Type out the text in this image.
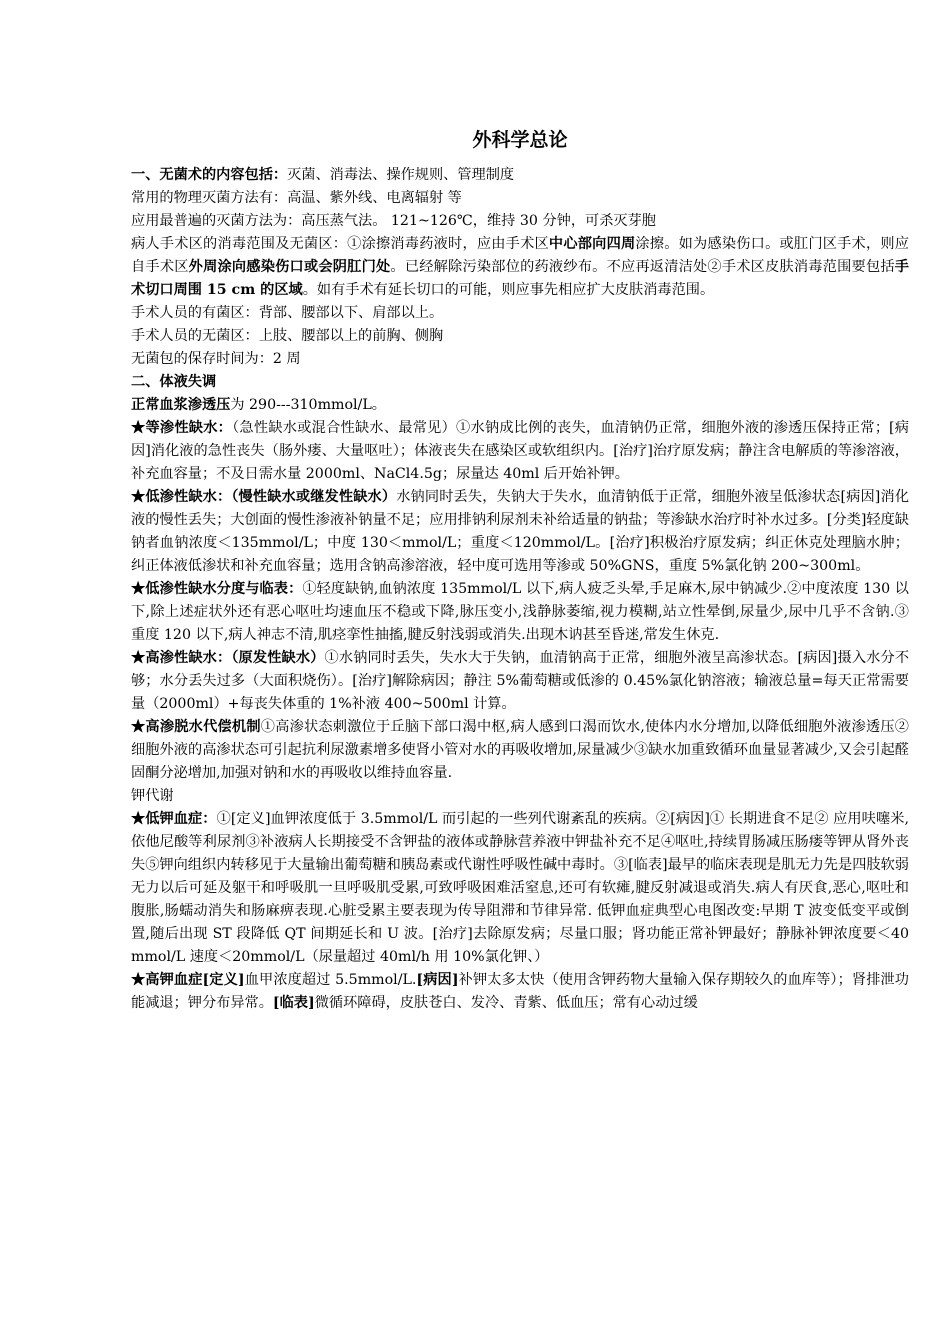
外科学总论

一、无菌术的内容包括：灭菌、消毒法、操作规则、管理制度

常用的物理灭菌方法有：高温、紫外线、电离辐射 等

应用最普遍的灭菌方法为：高压蒸气法。 121~126℃，维持 30 分钟，可杀灭芽胞

病人手术区的消毒范围及无菌区：①涂擦消毒药液时，应由手术区中心部向四周涂擦。如为感染伤口。或肛门区手术，则应自手术区外周涂向感染伤口或会阴肛门处。已经解除污染部位的药液纱布。不应再返清洁处②手术区皮肤消毒范围要包括手术切口周围 15 cm 的区域。如有手术有延长切口的可能，则应事先相应扩大皮肤消毒范围。

手术人员的有菌区：背部、腰部以下、肩部以上。

手术人员的无菌区：上肢、腰部以上的前胸、侧胸

无菌包的保存时间为：2 周

二、体液失调

正常血浆渗透压为 290---310mmol/L。

★等渗性缺水：（急性缺水或混合性缺水、最常见）①水钠成比例的丧失，血清钠仍正常，细胞外液的渗透压保持正常；[病因]消化液的急性丧失（肠外瘘、大量呕吐）；体液丧失在感染区或软组织内。[治疗]治疗原发病；静注含电解质的等渗溶液，补充血容量；不及日需水量 2000ml、NaCl4.5g；尿量达 40ml 后开始补钾。

★低渗性缺水：（慢性缺水或继发性缺水）水钠同时丢失，失钠大于失水，血清钠低于正常，细胞外液呈低渗状态[病因]消化液的慢性丢失；大创面的慢性渗液补钠量不足；应用排钠利尿剂未补给适量的钠盐；等渗缺水治疗时补水过多。[分类]轻度缺钠者血钠浓度＜135mmol/L；中度 130＜mmol/L；重度＜120mmol/L。[治疗]积极治疗原发病；纠正休克处理脑水肿；纠正体液低渗状和补充血容量；选用含钠高渗溶液，轻中度可选用等渗或 50%GNS，重度 5%氯化钠 200~300ml。

★低渗性缺水分度与临表：①轻度缺钠,血钠浓度 135mmol/L 以下,病人疲乏头晕,手足麻木,尿中钠减少.②中度浓度 130 以下,除上述症状外还有恶心呕吐均速血压不稳或下降,脉压变小,浅静脉萎缩,视力模糊,站立性晕倒,尿量少,尿中几乎不含钠.③ 重度 120 以下,病人神志不清,肌痉挛性抽搐,腱反射浅弱或消失.出现木讷甚至昏迷,常发生休克.

★高渗性缺水：（原发性缺水）①水钠同时丢失，失水大于失钠，血清钠高于正常，细胞外液呈高渗状态。[病因]摄入水分不够；水分丢失过多（大面积烧伤）。[治疗]解除病因；静注 5%葡萄糖或低渗的 0.45%氯化钠溶液；输液总量=每天正常需要量（2000ml）+每丧失体重的 1%补液 400~500ml 计算。

★高渗脱水代偿机制①高渗状态刺激位于丘脑下部口渴中枢,病人感到口渴而饮水,使体内水分增加,以降低细胞外液渗透压②细胞外液的高渗状态可引起抗利尿激素增多使肾小管对水的再吸收增加,尿量减少③缺水加重致循环血量显著减少,又会引起醛固酮分泌增加,加强对钠和水的再吸收以维持血容量.

钾代谢

★低钾血症：①[定义]血钾浓度低于 3.5mmol/L 而引起的一些列代谢紊乱的疾病。②[病因]① 长期进食不足② 应用呋噻米,依他尼酸等利尿剂③补液病人长期接受不含钾盐的液体或静脉营养液中钾盐补充不足④呕吐,持续胃肠减压肠瘘等钾从肾外丧失⑤钾向组织内转移见于大量输出葡萄糖和胰岛素或代谢性呼吸性碱中毒时。③[临表]最早的临床表现是肌无力先是四肢软弱无力以后可延及躯干和呼吸肌一旦呼吸肌受累,可致呼吸困难活窒息,还可有软瘫,腱反射减退或消失.病人有厌食,恶心,呕吐和腹胀,肠蠕动消失和肠麻痹表现.心脏受累主要表现为传导阻滞和节律异常. 低钾血症典型心电图改变:早期 T 波变低变平或倒置,随后出现 ST 段降低 QT 间期延长和 U 波。[治疗]去除原发病；尽量口服；肾功能正常补钾最好；静脉补钾浓度要＜40mmol/L 速度＜20mmol/L（尿量超过 40ml/h 用 10%氯化钾、）

★高钾血症[定义]血甲浓度超过 5.5mmol/L.[病因]补钾太多太快（使用含钾药物大量输入保存期较久的血库等）；肾排泄功能减退；钾分布异常。[临表]微循环障碍，皮肤苍白、发冷、青紫、低血压；常有心动过缓
